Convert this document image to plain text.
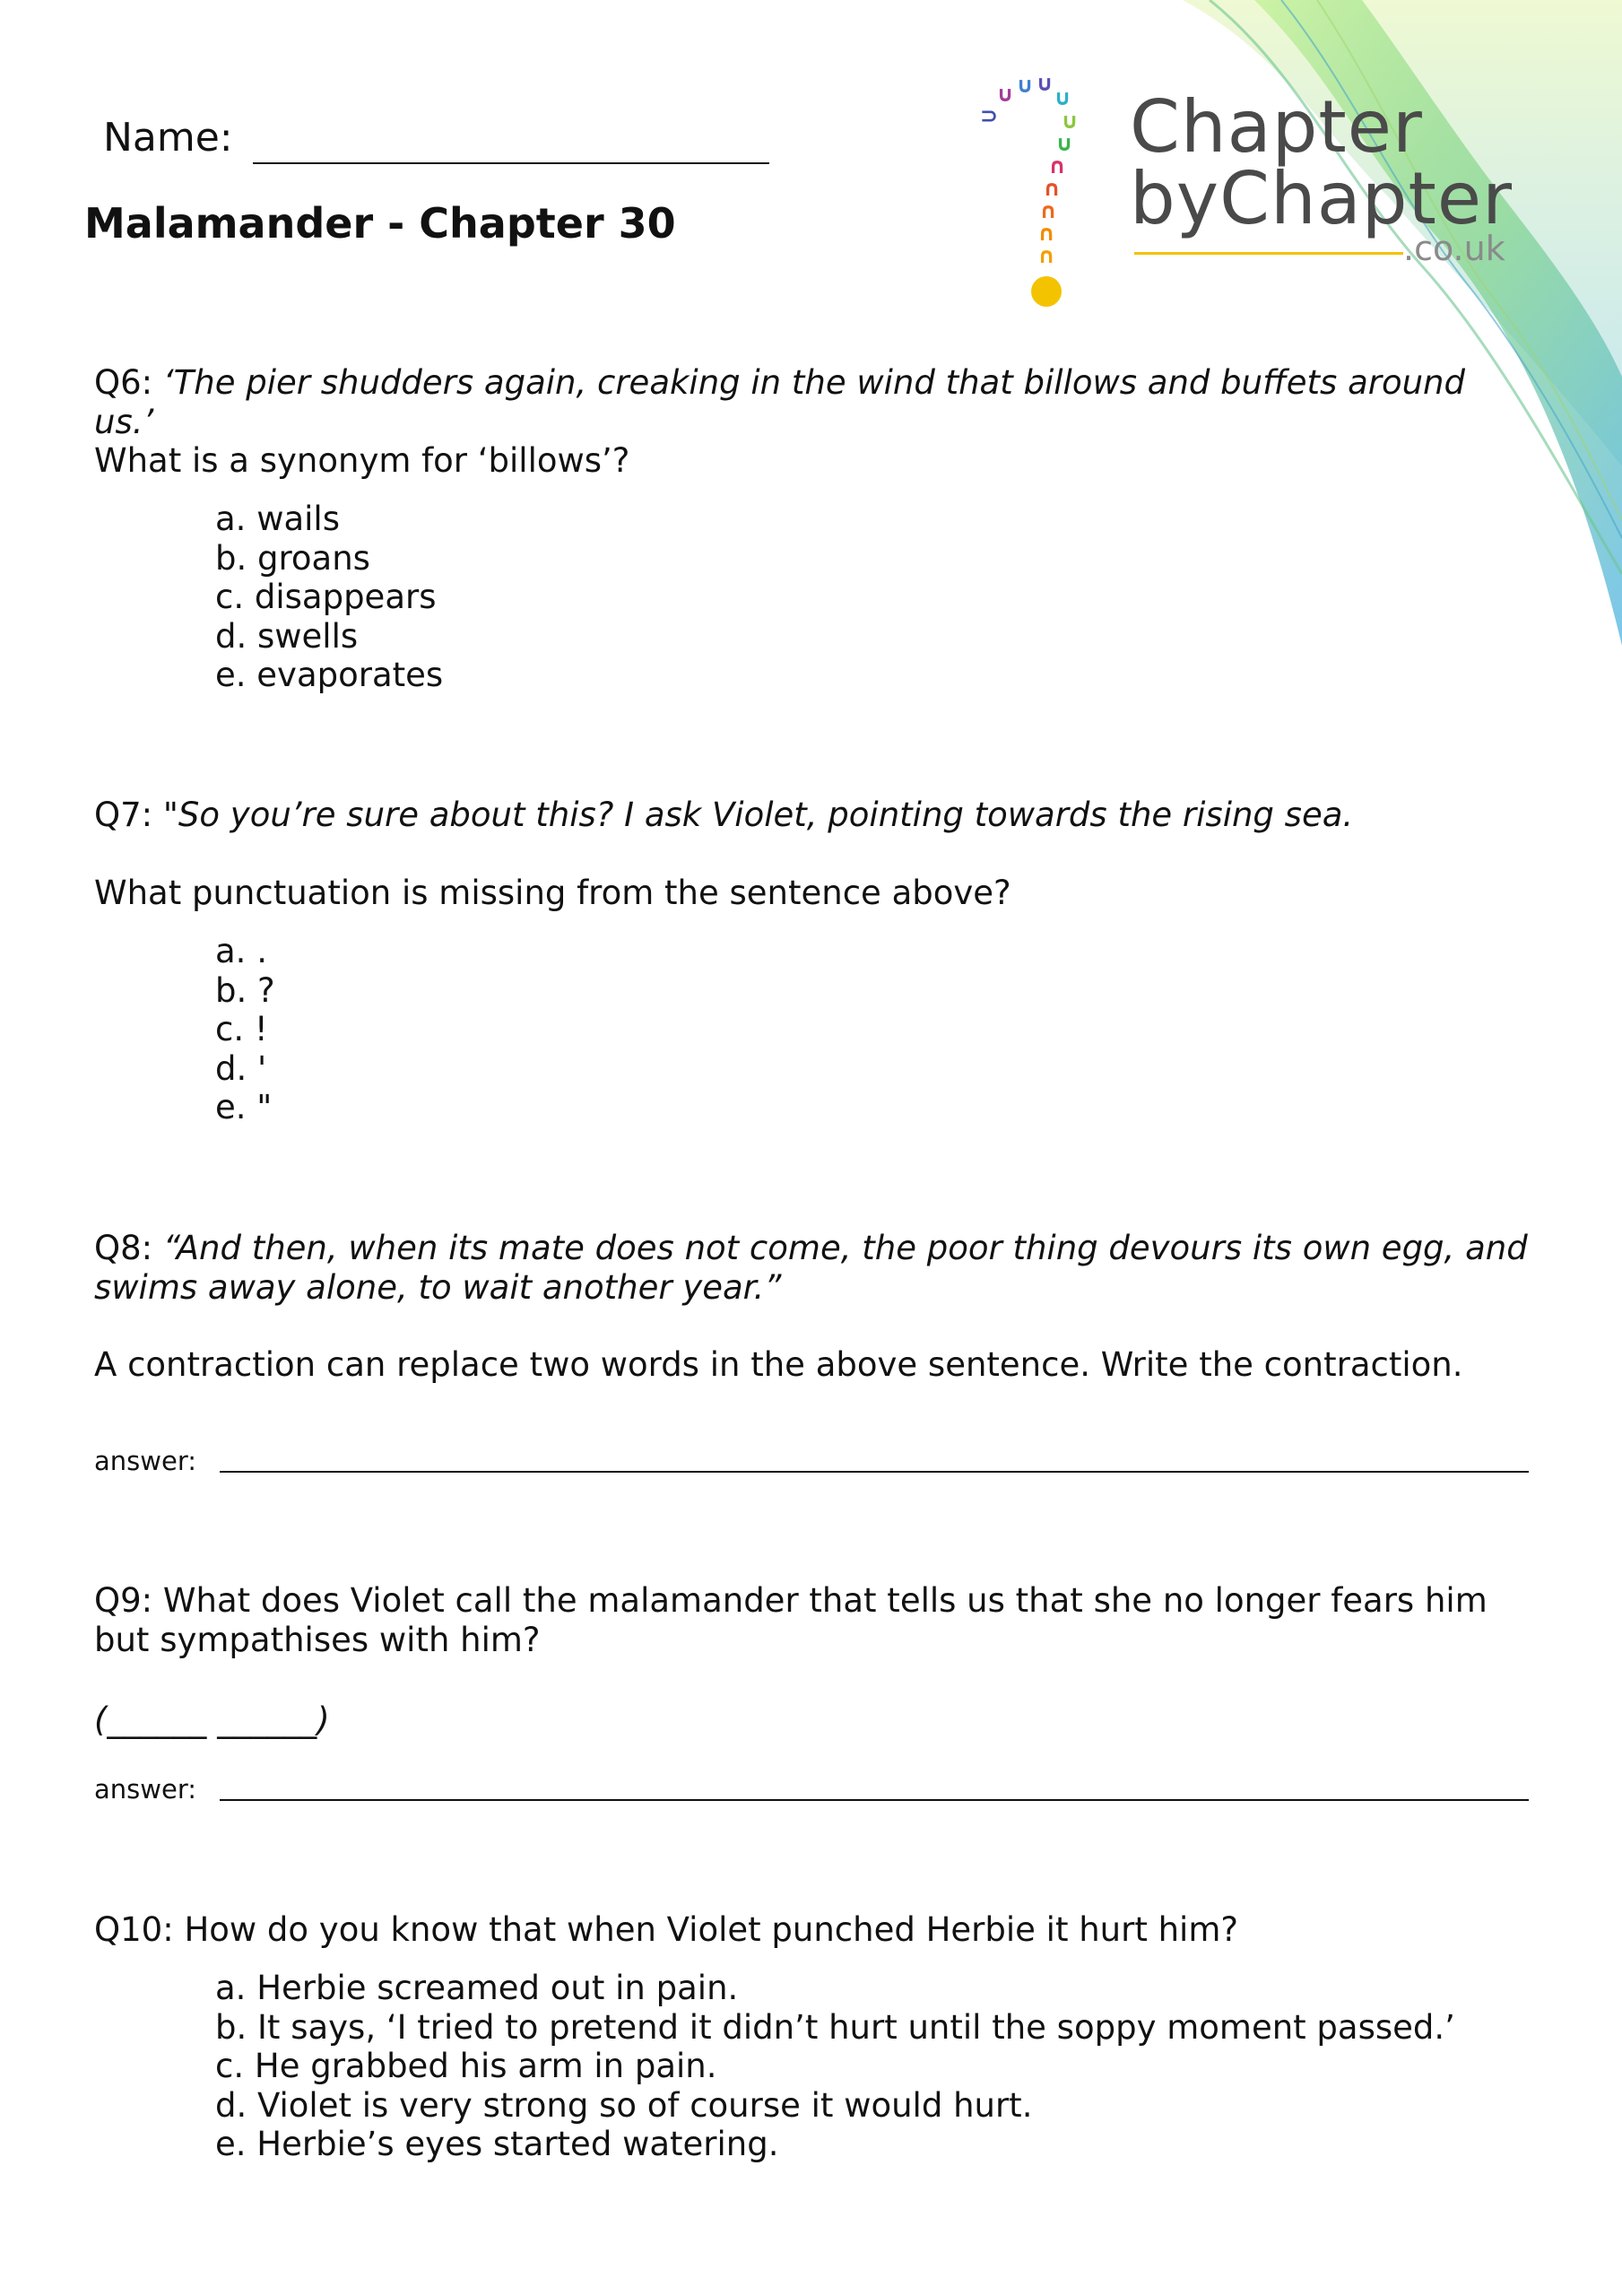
∩
∩
∩
∩
∩
∪
∪
∪
∪
∪
∪
⊃ Chapter
byChapter
.co.uk
Name:
Malamander - Chapter 30
Q6: ‘The pier shudders again, creaking in the wind that billows and buffets around us.’
What is a synonym for ‘billows’?
a. wails
b. groans
c. disappears
d. swells
e. evaporates
Q7: "So you’re sure about this? I ask Violet, pointing towards the rising sea.
What punctuation is missing from the sentence above?
a. .
b. ?
c. !
d. '
e. "
Q8: “And then, when its mate does not come, the poor thing devours its own egg, and swims away alone, to wait another year.”
A contraction can replace two words in the above sentence. Write the contraction.
answer:
Q9: What does Violet call the malamander that tells us that she no longer fears him but sympathises with him?
(______ ______)
answer:
Q10: How do you know that when Violet punched Herbie it hurt him?
a. Herbie screamed out in pain.
b. It says, ‘I tried to pretend it didn’t hurt until the soppy moment passed.’
c. He grabbed his arm in pain.
d. Violet is very strong so of course it would hurt.
e. Herbie’s eyes started watering.
